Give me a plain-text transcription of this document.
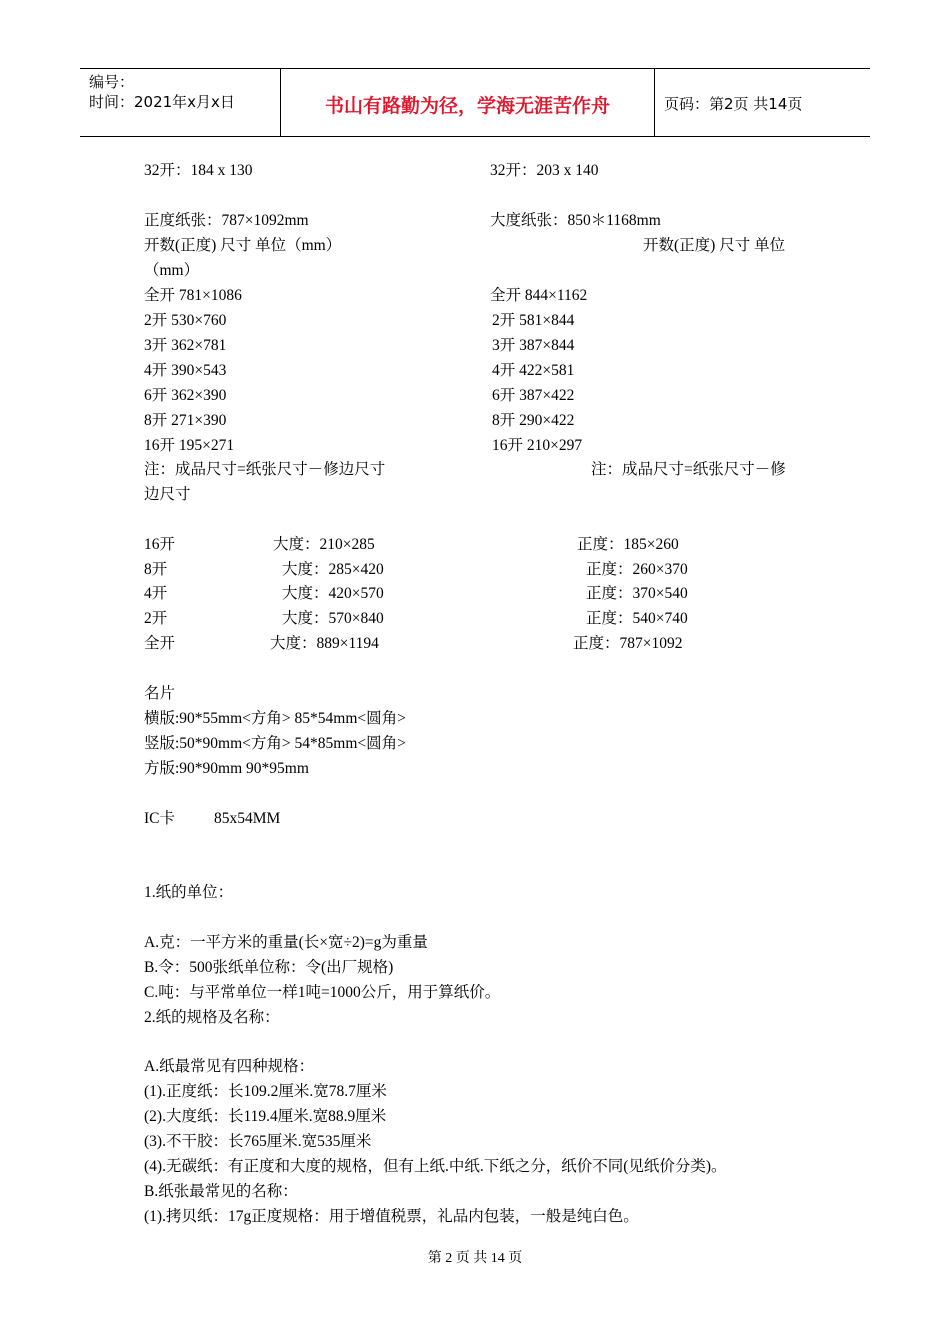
编号：
时间：2021年x月x日	书山有路勤为径，学海无涯苦作舟	页码：第2页 共14页
32开：184 x 130	32开：203 x 140
正度纸张：787×1092mm	大度纸张：850＊1168mm
开数(正度) 尺寸 单位（mm）	开数(正度) 尺寸 单位
（mm）
全开 781×1086	全开 844×1162
2开 530×760	2开 581×844
3开 362×781	3开 387×844
4开 390×543	4开 422×581
6开 362×390	6开 387×422
8开 271×390	8开 290×422
16开 195×271	16开 210×297
注：成品尺寸=纸张尺寸－修边尺寸	注：成品尺寸=纸张尺寸－修
边尺寸
16开	大度：210×285	正度：185×260
8开	大度：285×420	正度：260×370
4开	大度：420×570	正度：370×540
2开	大度：570×840	正度：540×740
全开	大度：889×1194	正度：787×1092
名片
横版:90*55mm<方角> 85*54mm<圆角>
竖版:50*90mm<方角> 54*85mm<圆角>
方版:90*90mm 90*95mm
IC卡	85x54MM
1.纸的单位：
A.克：一平方米的重量(长×宽÷2)=g为重量
B.令：500张纸单位称：令(出厂规格)
C.吨：与平常单位一样1吨=1000公斤，用于算纸价。
2.纸的规格及名称：
A.纸最常见有四种规格：
(1).正度纸：长109.2厘米.宽78.7厘米
(2).大度纸：长119.4厘米.宽88.9厘米
(3).不干胶：长765厘米.宽535厘米
(4).无碳纸：有正度和大度的规格，但有上纸.中纸.下纸之分，纸价不同(见纸价分类)。
B.纸张最常见的名称：
(1).拷贝纸：17g正度规格：用于增值税票，礼品内包装，一般是纯白色。
第 2 页 共 14 页
